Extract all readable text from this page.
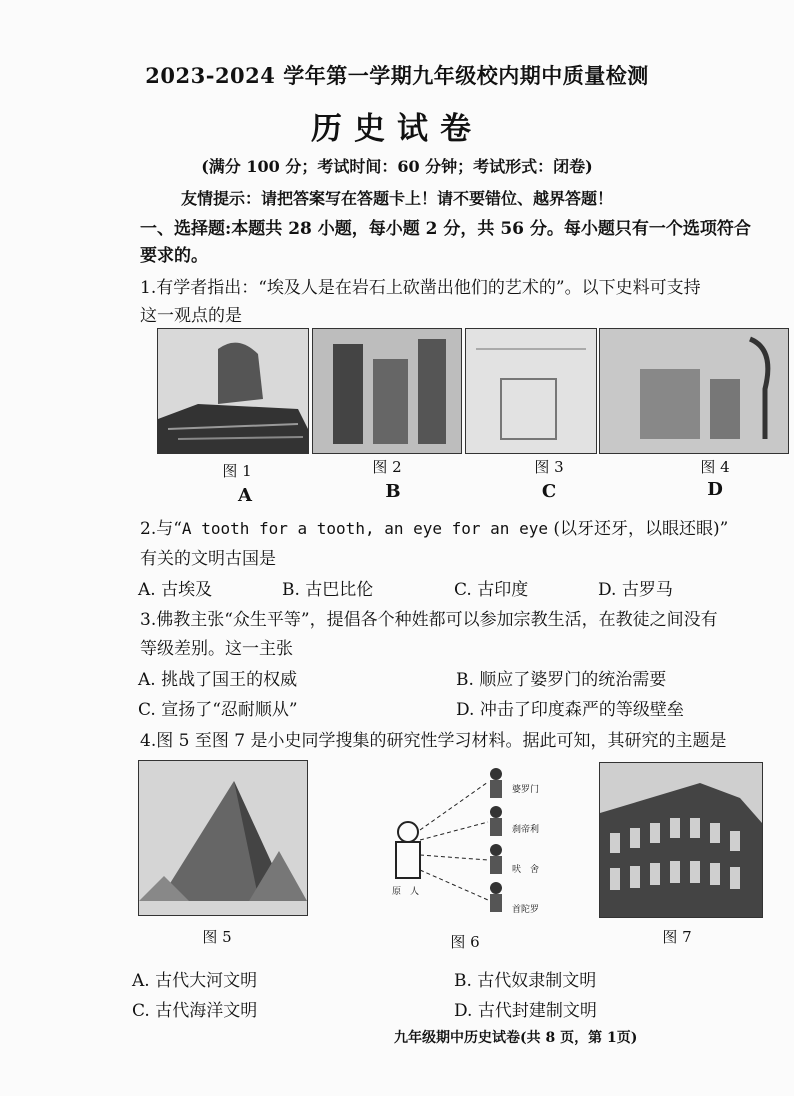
2023-2024 学年第一学期九年级校内期中质量检测
历史试卷
(满分 100 分；考试时间：60 分钟；考试形式：闭卷)
友情提示：请把答案写在答题卡上！请不要错位、越界答题！
一、选择题:本题共 28 小题，每小题 2 分，共 56 分。每小题只有一个选项符合
要求的。
1.有学者指出：“埃及人是在岩石上砍凿出他们的艺术的”。以下史料可支持
这一观点的是
图 1	图 2	图 3	图 4
A	B	C	D
2.与“A tooth for a tooth, an eye for an eye (以牙还牙，以眼还眼)”
有关的文明古国是
A. 古埃及	B. 古巴比伦	C. 古印度	D. 古罗马
3.佛教主张“众生平等”，提倡各个种姓都可以参加宗教生活，在教徒之间没有
等级差别。这一主张
A. 挑战了国王的权威	B. 顺应了婆罗门的统治需要
C. 宣扬了“忍耐顺从”	D. 冲击了印度森严的等级壁垒
4.图 5 至图 7 是小史同学搜集的研究性学习材料。据此可知，其研究的主题是
婆罗门
刹帝利
吠　舍
首陀罗
原　人
图 5	图 6	图 7
A. 古代大河文明	B. 古代奴隶制文明
C. 古代海洋文明	D. 古代封建制文明
九年级期中历史试卷(共 8 页，第 1页)
